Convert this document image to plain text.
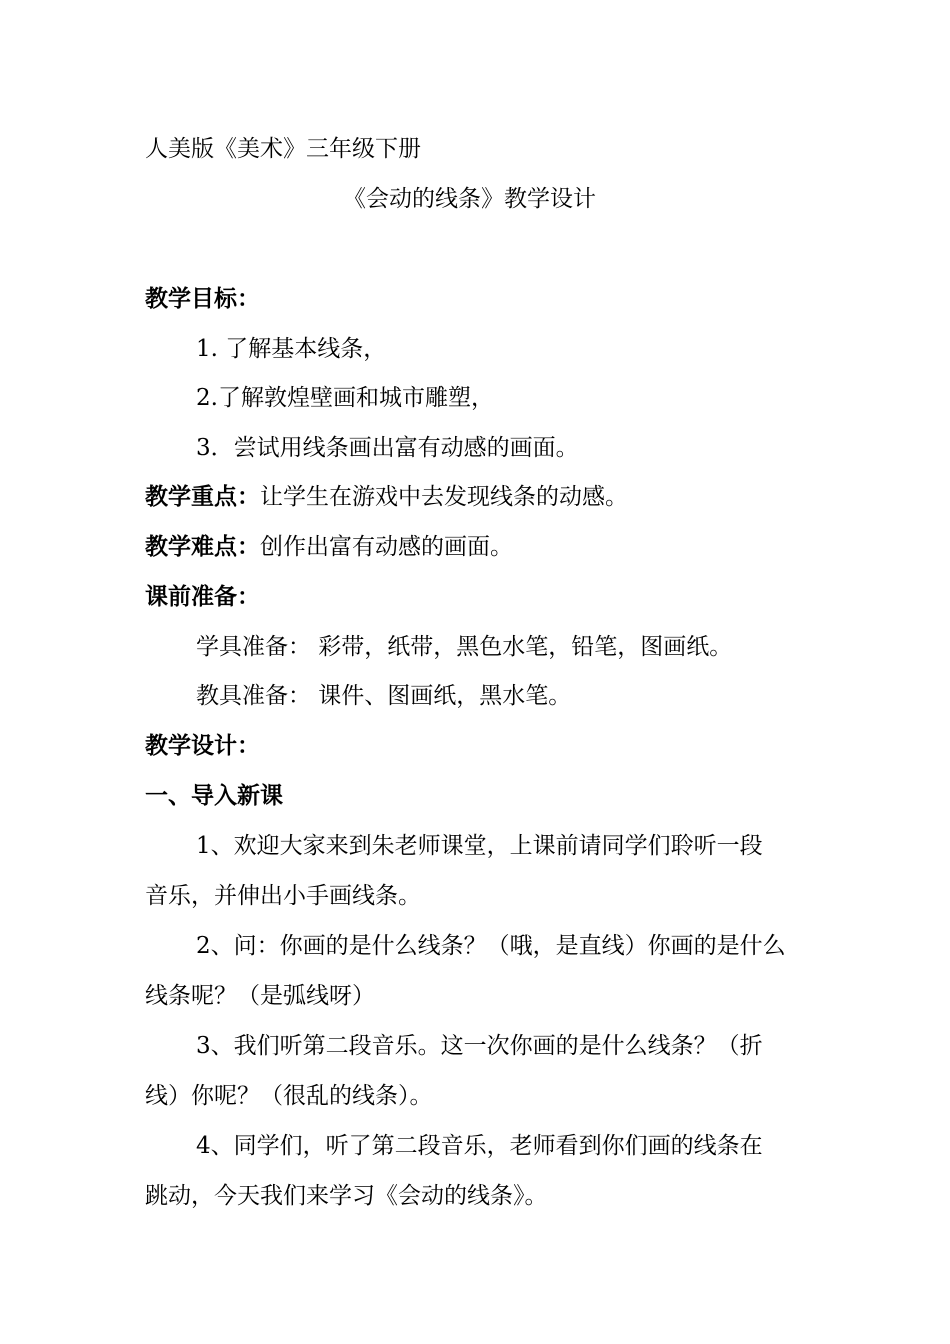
人美版《美术》三年级下册
《会动的线条》教学设计
教学目标：
1. 了解基本线条，
2.了解敦煌壁画和城市雕塑，
3．尝试用线条画出富有动感的画面。
教学重点：让学生在游戏中去发现线条的动感。
教学难点：创作出富有动感的画面。
课前准备：
学具准备： 彩带，纸带，黑色水笔，铅笔，图画纸。
教具准备： 课件、图画纸，黑水笔。
教学设计：
一、导入新课
1、欢迎大家来到朱老师课堂，上课前请同学们聆听一段
音乐，并伸出小手画线条。
2、问：你画的是什么线条？（哦，是直线）你画的是什么
线条呢？（是弧线呀）
3、我们听第二段音乐。这一次你画的是什么线条？（折
线）你呢？（很乱的线条）。
4、同学们，听了第二段音乐，老师看到你们画的线条在
跳动，今天我们来学习《会动的线条》。
